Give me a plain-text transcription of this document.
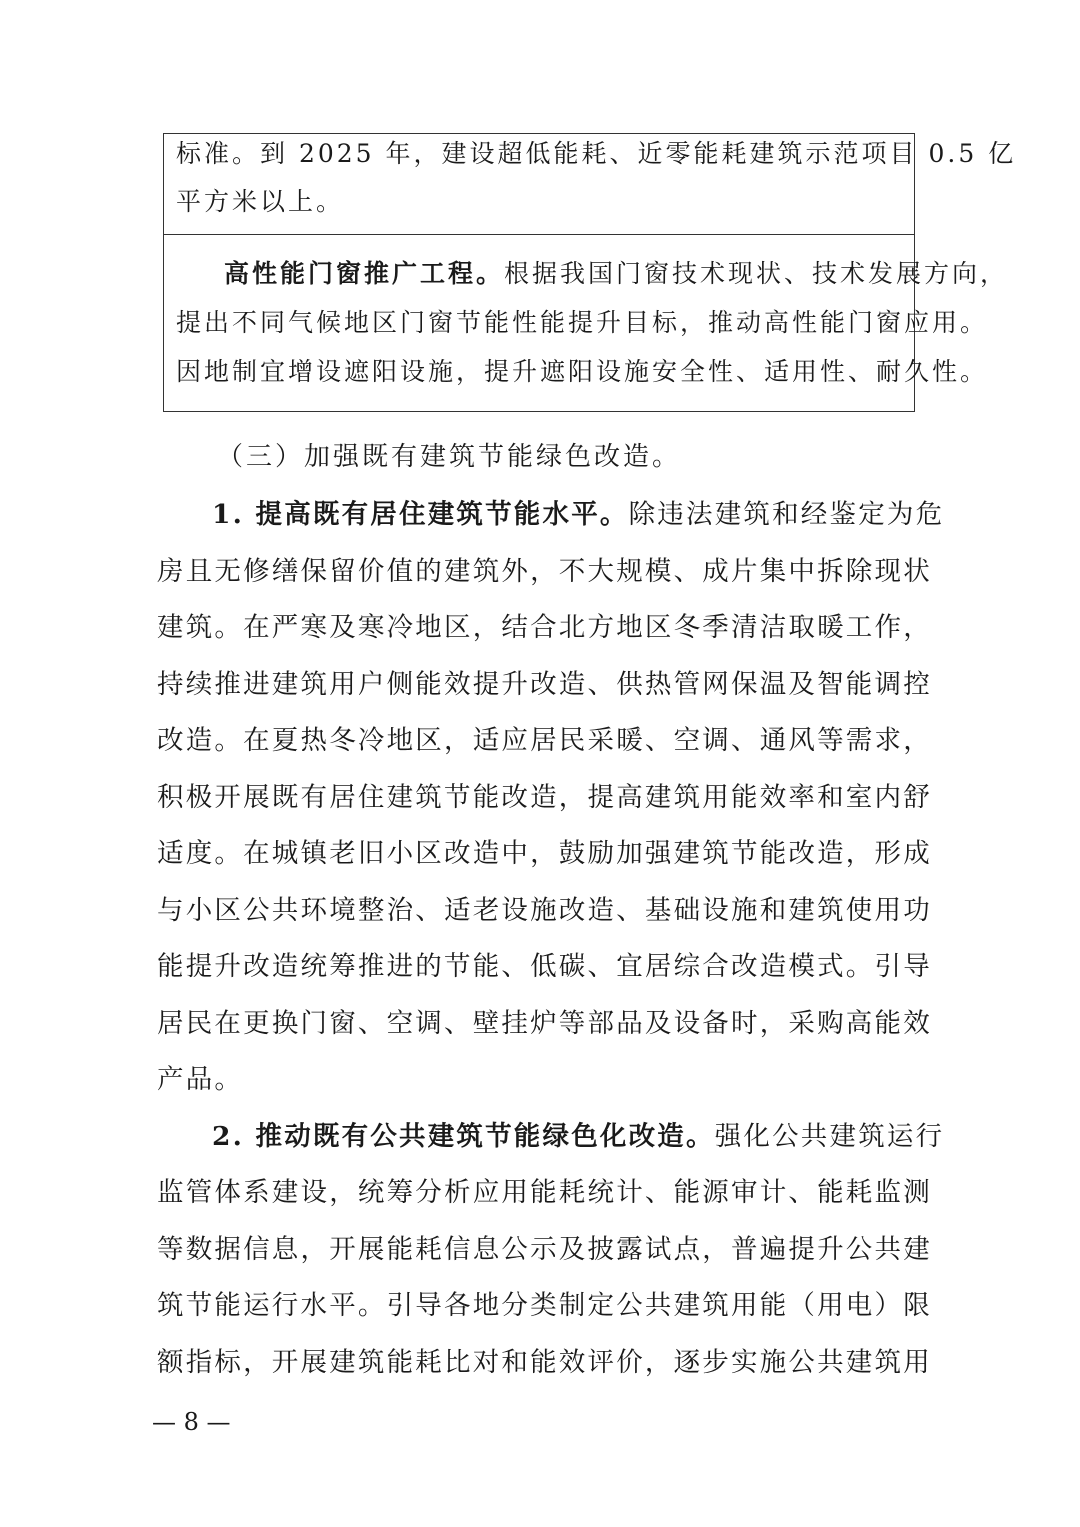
标准。到 2025 年，建设超低能耗、近零能耗建筑示范项目 0.5 亿
平方米以上。
高性能门窗推广工程。根据我国门窗技术现状、技术发展方向，
提出不同气候地区门窗节能性能提升目标，推动高性能门窗应用。
因地制宜增设遮阳设施，提升遮阳设施安全性、适用性、耐久性。
（三）加强既有建筑节能绿色改造。
1. 提高既有居住建筑节能水平。除违法建筑和经鉴定为危
房且无修缮保留价值的建筑外，不大规模、成片集中拆除现状
建筑。在严寒及寒冷地区，结合北方地区冬季清洁取暖工作，
持续推进建筑用户侧能效提升改造、供热管网保温及智能调控
改造。在夏热冬冷地区，适应居民采暖、空调、通风等需求，
积极开展既有居住建筑节能改造，提高建筑用能效率和室内舒
适度。在城镇老旧小区改造中，鼓励加强建筑节能改造，形成
与小区公共环境整治、适老设施改造、基础设施和建筑使用功
能提升改造统筹推进的节能、低碳、宜居综合改造模式。引导
居民在更换门窗、空调、壁挂炉等部品及设备时，采购高能效
产品。
2. 推动既有公共建筑节能绿色化改造。强化公共建筑运行
监管体系建设，统筹分析应用能耗统计、能源审计、能耗监测
等数据信息，开展能耗信息公示及披露试点，普遍提升公共建
筑节能运行水平。引导各地分类制定公共建筑用能（用电）限
额指标，开展建筑能耗比对和能效评价，逐步实施公共建筑用
— 8 —
